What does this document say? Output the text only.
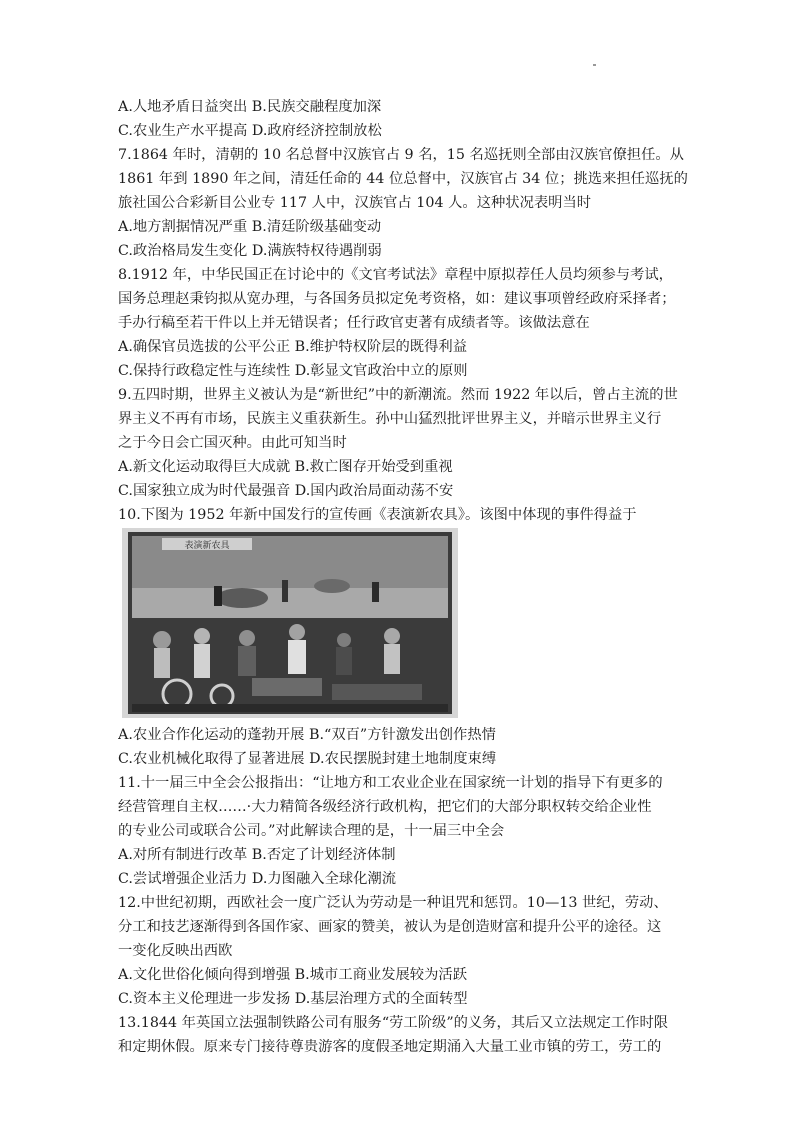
A.人地矛盾日益突出 B.民族交融程度加深
C.农业生产水平提高 D.政府经济控制放松
7.1864 年时，清朝的 10 名总督中汉族官占 9 名，15 名巡抚则全部由汉族官僚担任。从
1861 年到 1890 年之间，清廷任命的 44 位总督中，汉族官占 34 位；挑选来担任巡抚的
旅社国公合彩新目公业专 117 人中，汉族官占 104 人。这种状况表明当时
A.地方割据情况严重 B.清廷阶级基础变动
C.政治格局发生变化 D.满族特权待遇削弱
8.1912 年，中华民国正在讨论中的《文官考试法》章程中原拟荐任人员均须参与考试，
国务总理赵秉钧拟从宽办理，与各国务员拟定免考资格，如：建议事项曾经政府采择者；
手办行稿至若干件以上并无错误者；任行政官吏著有成绩者等。该做法意在
A.确保官员选拔的公平公正 B.维护特权阶层的既得利益
C.保持行政稳定性与连续性 D.彰显文官政治中立的原则
9.五四时期，世界主义被认为是“新世纪”中的新潮流。然而 1922 年以后，曾占主流的世
界主义不再有市场，民族主义重获新生。孙中山猛烈批评世界主义，并暗示世界主义行
之于今日会亡国灭种。由此可知当时
A.新文化运动取得巨大成就 B.救亡图存开始受到重视
C.国家独立成为时代最强音 D.国内政治局面动荡不安
10.下图为 1952 年新中国发行的宣传画《表演新农具》。该图中体现的事件得益于
表演新农具
A.农业合作化运动的蓬勃开展 B.“双百”方针激发出创作热情
C.农业机械化取得了显著进展 D.农民摆脱封建土地制度束缚
11.十一届三中全会公报指出：“让地方和工农业企业在国家统一计划的指导下有更多的
经营管理自主权……·大力精简各级经济行政机构，把它们的大部分职权转交给企业性
的专业公司或联合公司。”对此解读合理的是，十一届三中全会
A.对所有制进行改革 B.否定了计划经济体制
C.尝试增强企业活力 D.力图融入全球化潮流
12.中世纪初期，西欧社会一度广泛认为劳动是一种诅咒和惩罚。10—13 世纪，劳动、
分工和技艺逐渐得到各国作家、画家的赞美，被认为是创造财富和提升公平的途径。这
一变化反映出西欧
A.文化世俗化倾向得到增强 B.城市工商业发展较为活跃
C.资本主义伦理进一步发扬 D.基层治理方式的全面转型
13.1844 年英国立法强制铁路公司有服务“劳工阶级”的义务，其后又立法规定工作时限
和定期休假。原来专门接待尊贵游客的度假圣地定期涌入大量工业市镇的劳工，劳工的
